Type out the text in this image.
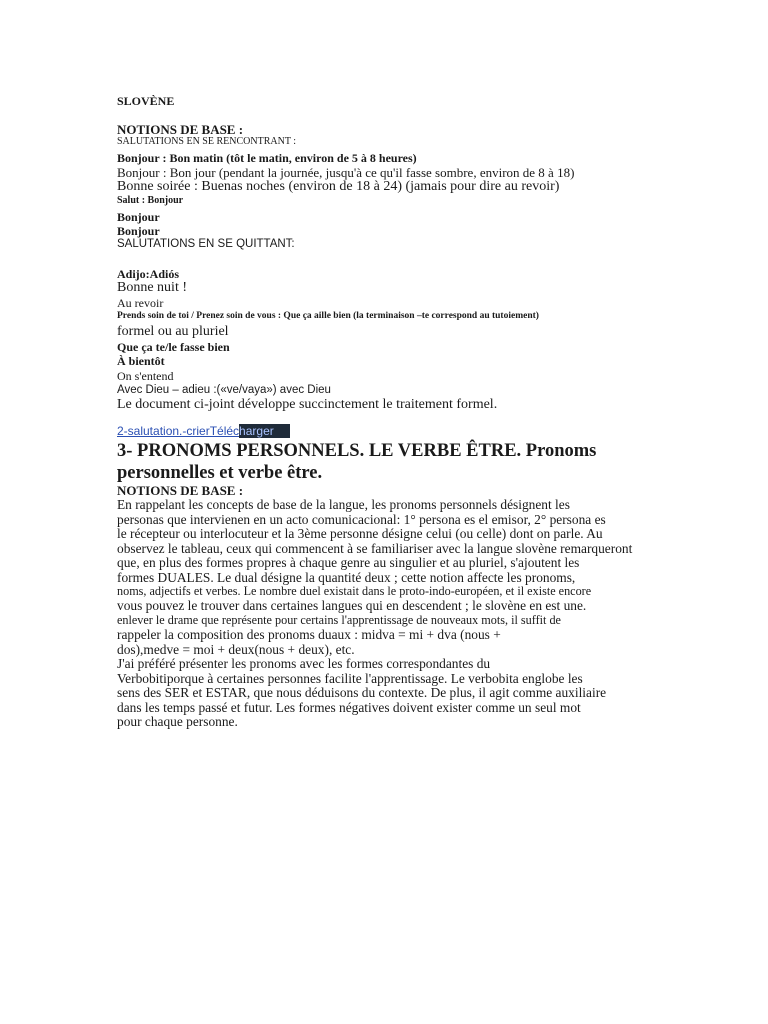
SLOVÈNE
NOTIONS DE BASE :
SALUTATIONS EN SE RENCONTRANT :
Bonjour : Bon matin (tôt le matin, environ de 5 à 8 heures)
Bonjour : Bon jour (pendant la journée, jusqu'à ce qu'il fasse sombre, environ de 8 à 18)
Bonne soirée : Buenas noches (environ de 18 à 24) (jamais pour dire au revoir)
Salut : Bonjour
Bonjour
Bonjour
SALUTATIONS EN SE QUITTANT:
Adijo:Adiós
Bonne nuit !
Au revoir
Prends soin de toi / Prenez soin de vous : Que ça aille bien (la terminaison –te correspond au tutoiement)
formel ou au pluriel
Que ça te/le fasse bien
À bientôt
On s'entend
Avec Dieu – adieu :(«ve/vaya») avec Dieu
Le document ci-joint développe succinctement le traitement formel.
2-salutation.-crierTélécharger
3- PRONOMS PERSONNELS. LE VERBE ÊTRE. Pronoms
personnelles et verbe être.
NOTIONS DE BASE :
En rappelant les concepts de base de la langue, les pronoms personnels désignent les
personas que intervienen en un acto comunicacional: 1° persona es el emisor, 2° persona es
le récepteur ou interlocuteur et la 3ème personne désigne celui (ou celle) dont on parle. Au
observez le tableau, ceux qui commencent à se familiariser avec la langue slovène remarqueront
que, en plus des formes propres à chaque genre au singulier et au pluriel, s'ajoutent les
formes DUALES. Le dual désigne la quantité deux ; cette notion affecte les pronoms,
noms, adjectifs et verbes. Le nombre duel existait dans le proto-indo-européen, et il existe encore
vous pouvez le trouver dans certaines langues qui en descendent ; le slovène en est une.
enlever le drame que représente pour certains l'apprentissage de nouveaux mots, il suffit de
rappeler la composition des pronoms duaux : midva = mi + dva (nous +
dos),medve = moi + deux(nous + deux), etc.
J'ai préféré présenter les pronoms avec les formes correspondantes du
Verbobitiporque à certaines personnes facilite l'apprentissage. Le verbobita englobe les
sens des SER et ESTAR, que nous déduisons du contexte. De plus, il agit comme auxiliaire
dans les temps passé et futur. Les formes négatives doivent exister comme un seul mot
pour chaque personne.
